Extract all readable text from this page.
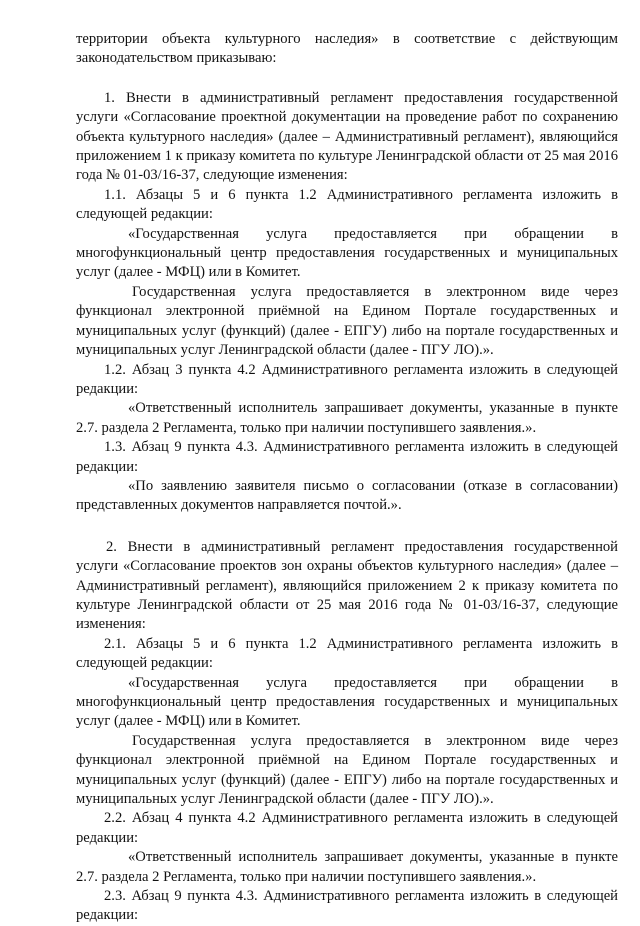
территории объекта культурного наследия» в соответствие с действующим законодательством приказываю:

1. Внести в административный регламент предоставления государственной услуги «Согласование проектной документации на проведение работ по сохранению объекта культурного наследия» (далее – Административный регламент), являющийся приложением 1 к приказу комитета по культуре Ленинградской области от 25 мая 2016 года № 01-03/16-37, следующие изменения:

1.1. Абзацы 5 и 6 пункта 1.2 Административного регламента изложить в следующей редакции:

«Государственная услуга предоставляется при обращении в многофункциональный центр предоставления государственных и муниципальных услуг (далее - МФЦ) или в Комитет.

Государственная услуга предоставляется в электронном виде через функционал электронной приёмной на Едином Портале государственных и муниципальных услуг (функций) (далее - ЕПГУ) либо на портале государственных и муниципальных услуг Ленинградской области (далее - ПГУ ЛО).».

1.2. Абзац 3 пункта 4.2 Административного регламента изложить в следующей редакции:

«Ответственный исполнитель запрашивает документы, указанные в пункте 2.7. раздела 2 Регламента, только при наличии поступившего заявления.».

1.3. Абзац 9 пункта 4.3. Административного регламента изложить в следующей редакции:

«По заявлению заявителя письмо о согласовании (отказе в согласовании) представленных документов направляется почтой.».

2. Внести в административный регламент предоставления государственной услуги «Согласование проектов зон охраны объектов культурного наследия» (далее – Административный регламент), являющийся приложением 2 к приказу комитета по культуре Ленинградской области от 25 мая 2016 года № 01-03/16-37, следующие изменения:

2.1. Абзацы 5 и 6 пункта 1.2 Административного регламента изложить в следующей редакции:

«Государственная услуга предоставляется при обращении в многофункциональный центр предоставления государственных и муниципальных услуг (далее - МФЦ) или в Комитет.

Государственная услуга предоставляется в электронном виде через функционал электронной приёмной на Едином Портале государственных и муниципальных услуг (функций) (далее - ЕПГУ) либо на портале государственных и муниципальных услуг Ленинградской области (далее - ПГУ ЛО).».

2.2. Абзац 4 пункта 4.2 Административного регламента изложить в следующей редакции:

«Ответственный исполнитель запрашивает документы, указанные в пункте 2.7. раздела 2 Регламента, только при наличии поступившего заявления.».

2.3. Абзац 9 пункта 4.3. Административного регламента изложить в следующей редакции:
